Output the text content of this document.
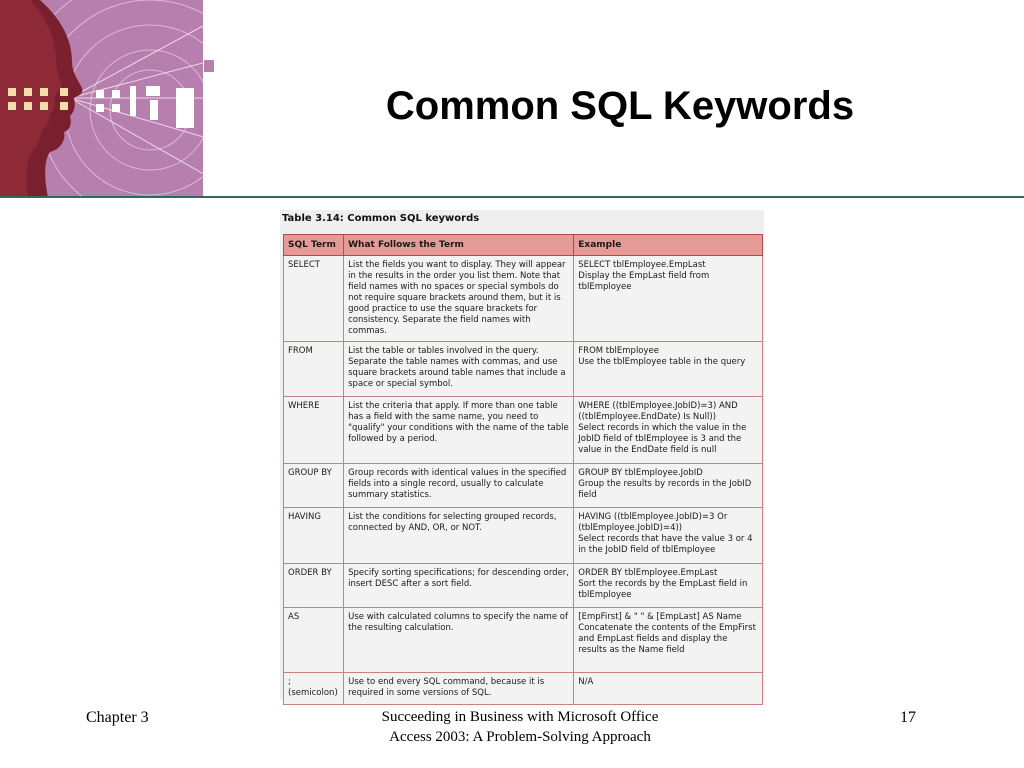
Common SQL Keywords
Table 3.14: Common SQL keywords
SQL Term	What Follows the Term	Example
SELECT	List the fields you want to display. They will appear in the results in the order you list them. Note that field names with no spaces or special symbols do not require square brackets around them, but it is good practice to use the square brackets for consistency. Separate the field names with commas.	SELECT tblEmployee.EmpLast
Display the EmpLast field from tblEmployee

FROM	List the table or tables involved in the query. Separate the table names with commas, and use square brackets around table names that include a space or special symbol.	FROM tblEmployee
Use the tblEmployee table in the query

WHERE	List the criteria that apply. If more than one table has a field with the same name, you need to "qualify" your conditions with the name of the table followed by a period.	WHERE ((tblEmployee.JobID)=3) AND ((tblEmployee.EndDate) Is Null))
Select records in which the value in the JobID field of tblEmployee is 3 and the value in the EndDate field is null

GROUP BY	Group records with identical values in the specified fields into a single record, usually to calculate summary statistics.	GROUP BY tblEmployee.JobID
Group the results by records in the JobID field

HAVING	List the conditions for selecting grouped records, connected by AND, OR, or NOT.	HAVING ((tblEmployee.JobID)=3 Or (tblEmployee.JobID)=4))
Select records that have the value 3 or 4 in the JobID field of tblEmployee

ORDER BY	Specify sorting specifications; for descending order, insert DESC after a sort field.	ORDER BY tblEmployee.EmpLast
Sort the records by the EmpLast field in tblEmployee

AS	Use with calculated columns to specify the name of the resulting calculation.	[EmpFirst] & " " & [EmpLast] AS Name
Concatenate the contents of the EmpFirst and EmpLast fields and display the results as the Name field

; (semicolon)	Use to end every SQL command, because it is required in some versions of SQL.	N/A
Chapter 3	Succeeding in Business with Microsoft Office
Access 2003: A Problem-Solving Approach
17
